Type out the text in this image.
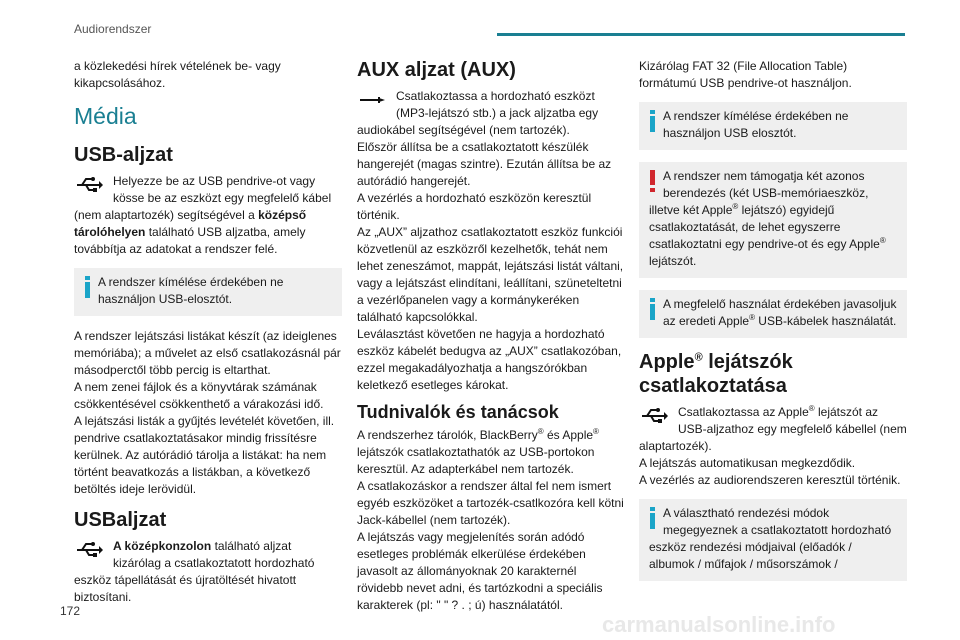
Audiorendszer

a közlekedési hírek vételének be- vagy kikapcsolásához.

Média
USB-aljzat

Helyezze be az USB pendrive-ot vagy kösse be az eszközt egy megfelelő kábel (nem alaptartozék) segítségével a középső tárolóhelyen található USB aljzatba, amely továbbítja az adatokat a rendszer felé.

A rendszer kímélése érdekében ne használjon USB-elosztót.

A rendszer lejátszási listákat készít (az ideiglenes memóriába); a művelet az első csatlakozásnál pár másodperctől több percig is eltarthat.

A nem zenei fájlok és a könyvtárak számának csökkentésével csökkenthető a várakozási idő.

A lejátszási listák a gyűjtés levételét követően, ill. pendrive csatlakoztatásakor mindig frissítésre kerülnek. Az autórádió tárolja a listákat: ha nem történt beavatkozás a listákban, a következő betöltés ideje lerövidül.

USBaljzat

A középkonzolon található aljzat kizárólag a csatlakoztatott hordozható eszköz tápellátását és újratöltését hivatott biztosítani.

AUX aljzat (AUX)

Csatlakoztassa a hordozható eszközt (MP3-lejátszó stb.) a jack aljzatba egy audiokábel segítségével (nem tartozék).

Először állítsa be a csatlakoztatott készülék hangerejét (magas szintre). Ezután állítsa be az autórádió hangerejét.

A vezérlés a hordozható eszközön keresztül történik.

Az „AUX” aljzathoz csatlakoztatott eszköz funkciói közvetlenül az eszközről kezelhetők, tehát nem lehet zeneszámot, mappát, lejátszási listát váltani, vagy a lejátszást elindítani, leállítani, szüneteltetni a vezérlőpanelen vagy a kormánykeréken található kapcsolókkal.

Leválasztást követően ne hagyja a hordozható eszköz kábelét bedugva az „AUX” csatlakozóban, ezzel megakadályozhatja a hangszórókban keletkező esetleges károkat.

Tudnivalók és tanácsok

A rendszerhez tárolók, BlackBerry® és Apple® lejátszók csatlakoztathatók az USB-portokon keresztül. Az adapterkábel nem tartozék.

A csatlakozáskor a rendszer által fel nem ismert egyéb eszközöket a tartozék-csatlkozóra kell kötni Jack-kábellel (nem tartozék).

A lejátszás vagy megjelenítés során adódó esetleges problémák elkerülése érdekében javasolt az állományoknak 20 karakternél rövidebb nevet adni, és tartózkodni a speciális karakterek (pl: " " ? . ; ú) használatától.

Kizárólag FAT 32 (File Allocation Table) formátumú USB pendrive-ot használjon.

A rendszer kímélése érdekében ne használjon USB elosztót.
A rendszer nem támogatja két azonos berendezés (két USB-memóriaeszköz, illetve két Apple® lejátszó) egyidejű csatlakoztatását, de lehet egyszerre csatlakoztatni egy pendrive-ot és egy Apple® lejátszót.
A megfelelő használat érdekében javasoljuk az eredeti Apple® USB-kábelek használatát.
Apple® lejátszók csatlakoztatása

Csatlakoztassa az Apple® lejátszót az USB-aljzathoz egy megfelelő kábellel (nem alaptartozék).

A lejátszás automatikusan megkezdődik.

A vezérlés az audiorendszeren keresztül történik.

A választható rendezési módok megegyeznek a csatlakoztatott hordozható eszköz rendezési módjaival (előadók / albumok / műfajok / műsorszámok /
172
carmanualsonline.info
